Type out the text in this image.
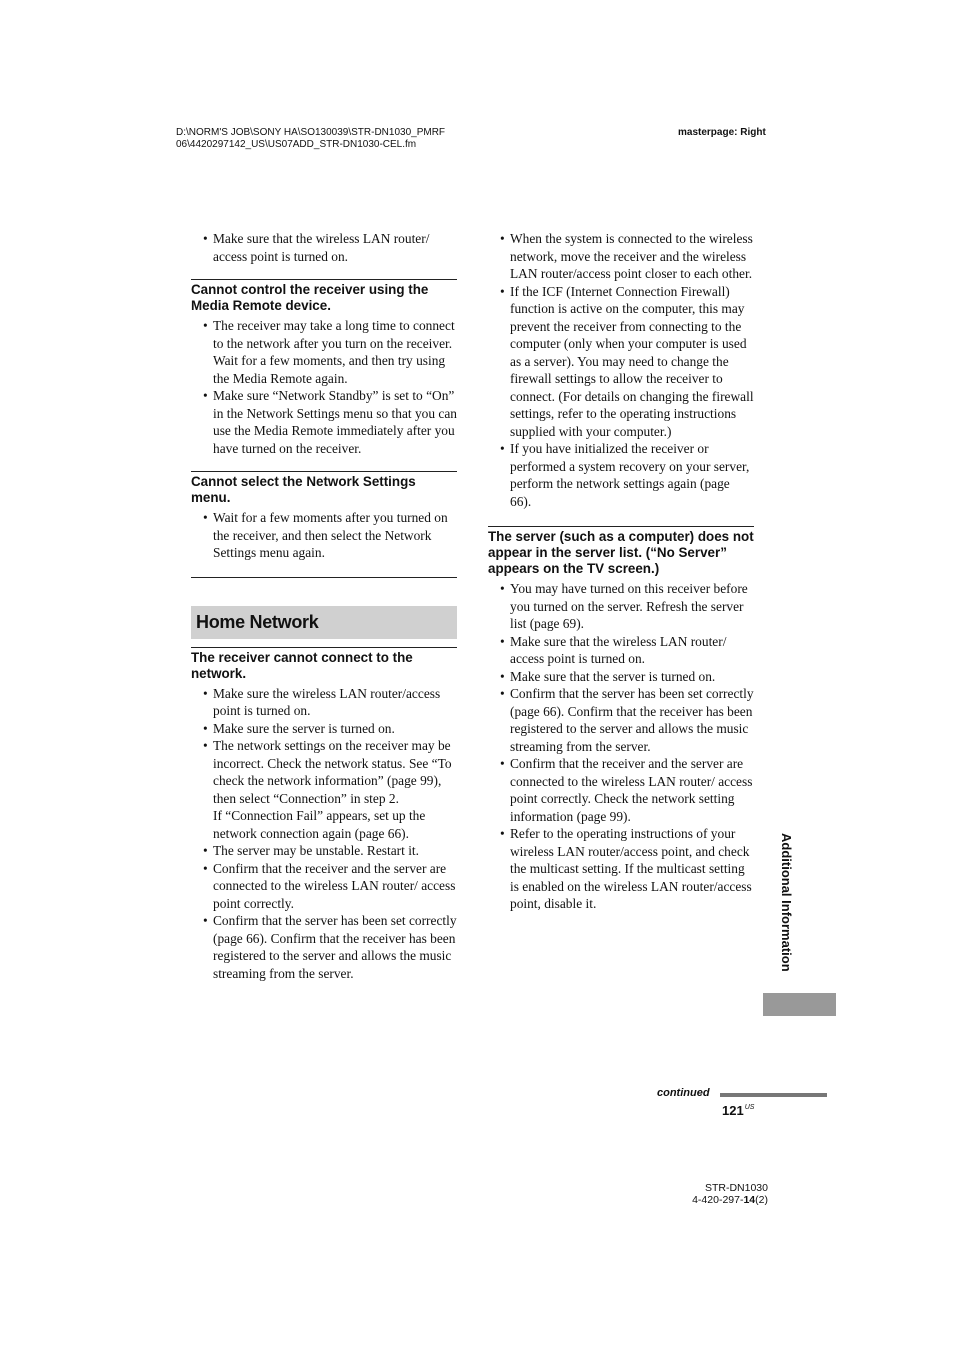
D:\NORM'S JOB\SONY HA\SO130039\STR-DN1030_PMRF
06\4420297142_US\US07ADD_STR-DN1030-CEL.fm
masterpage: Right
• Make sure that the wireless LAN router/ access point is turned on.
Cannot control the receiver using the Media Remote device.
• The receiver may take a long time to connect to the network after you turn on the receiver. Wait for a few moments, and then try using the Media Remote again.
• Make sure “Network Standby” is set to “On” in the Network Settings menu so that you can use the Media Remote immediately after you have turned on the receiver.
Cannot select the Network Settings menu.
• Wait for a few moments after you turned on the receiver, and then select the Network Settings menu again.
Home Network
The receiver cannot connect to the network.
• Make sure the wireless LAN router/access point is turned on.
• Make sure the server is turned on.
• The network settings on the receiver may be incorrect. Check the network status. See “To check the network information” (page 99), then select “Connection” in step 2.
If “Connection Fail” appears, set up the network connection again (page 66).
• The server may be unstable. Restart it.
• Confirm that the receiver and the server are connected to the wireless LAN router/ access point correctly.
• Confirm that the server has been set correctly (page 66). Confirm that the receiver has been registered to the server and allows the music streaming from the server.
• When the system is connected to the wireless network, move the receiver and the wireless LAN router/access point closer to each other.
• If the ICF (Internet Connection Firewall) function is active on the computer, this may prevent the receiver from connecting to the computer (only when your computer is used as a server). You may need to change the firewall settings to allow the receiver to connect. (For details on changing the firewall settings, refer to the operating instructions supplied with your computer.)
• If you have initialized the receiver or performed a system recovery on your server, perform the network settings again (page 66).
The server (such as a computer) does not appear in the server list. (“No Server” appears on the TV screen.)
• You may have turned on this receiver before you turned on the server. Refresh the server list (page 69).
• Make sure that the wireless LAN router/ access point is turned on.
• Make sure that the server is turned on.
• Confirm that the server has been set correctly (page 66). Confirm that the receiver has been registered to the server and allows the music streaming from the server.
• Confirm that the receiver and the server are connected to the wireless LAN router/ access point correctly. Check the network setting information (page 99).
• Refer to the operating instructions of your wireless LAN router/access point, and check the multicast setting. If the multicast setting is enabled on the wireless LAN router/access point, disable it.	Additional Information
continued
$121^{US}$
STR-DN1030
4-420-297-14(2)
